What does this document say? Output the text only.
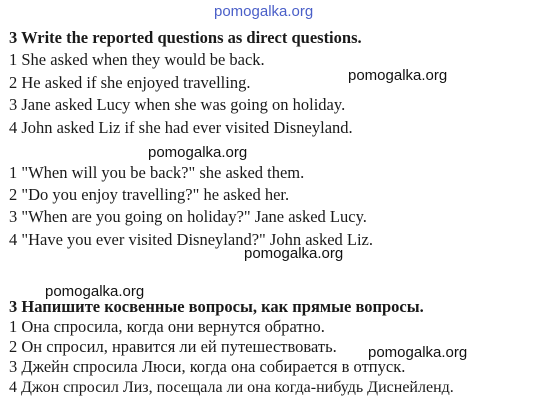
pomogalka.org
3 Write the reported questions as direct questions.
1 She asked when they would be back.
2 He asked if she enjoyed travelling.
3 Jane asked Lucy when she was going on holiday.
4 John asked Liz if she had ever visited Disneyland.
pomogalka.org
pomogalka.org
1 "When will you be back?" she asked them.
2 "Do you enjoy travelling?" he asked her.
3 "When are you going on holiday?" Jane asked Lucy.
4 "Have you ever visited Disneyland?" John asked Liz.
pomogalka.org
pomogalka.org
3 Напишите косвенные вопросы, как прямые вопросы.
1 Она спросила, когда они вернутся обратно.
2 Он спросил, нравится ли ей путешествовать.
3 Джейн спросила Люси, когда она собирается в отпуск.
4 Джон спросил Лиз, посещала ли она когда-нибудь Диснейленд.
pomogalka.org
